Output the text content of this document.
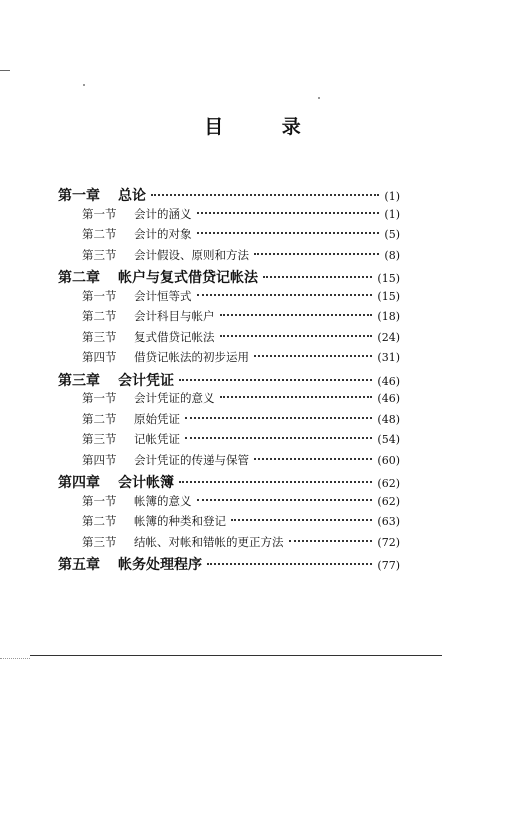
目 录
第一章	总论	(1)
第一节	会计的涵义	(1)
第二节	会计的对象	(5)
第三节	会计假设、原则和方法	(8)
第二章	帐户与复式借贷记帐法	(15)
第一节	会计恒等式	(15)
第二节	会计科目与帐户	(18)
第三节	复式借贷记帐法	(24)
第四节	借贷记帐法的初步运用	(31)
第三章	会计凭证	(46)
第一节	会计凭证的意义	(46)
第二节	原始凭证	(48)
第三节	记帐凭证	(54)
第四节	会计凭证的传递与保管	(60)
第四章	会计帐簿	(62)
第一节	帐簿的意义	(62)
第二节	帐簿的种类和登记	(63)
第三节	结帐、对帐和错帐的更正方法	(72)
第五章	帐务处理程序	(77)
